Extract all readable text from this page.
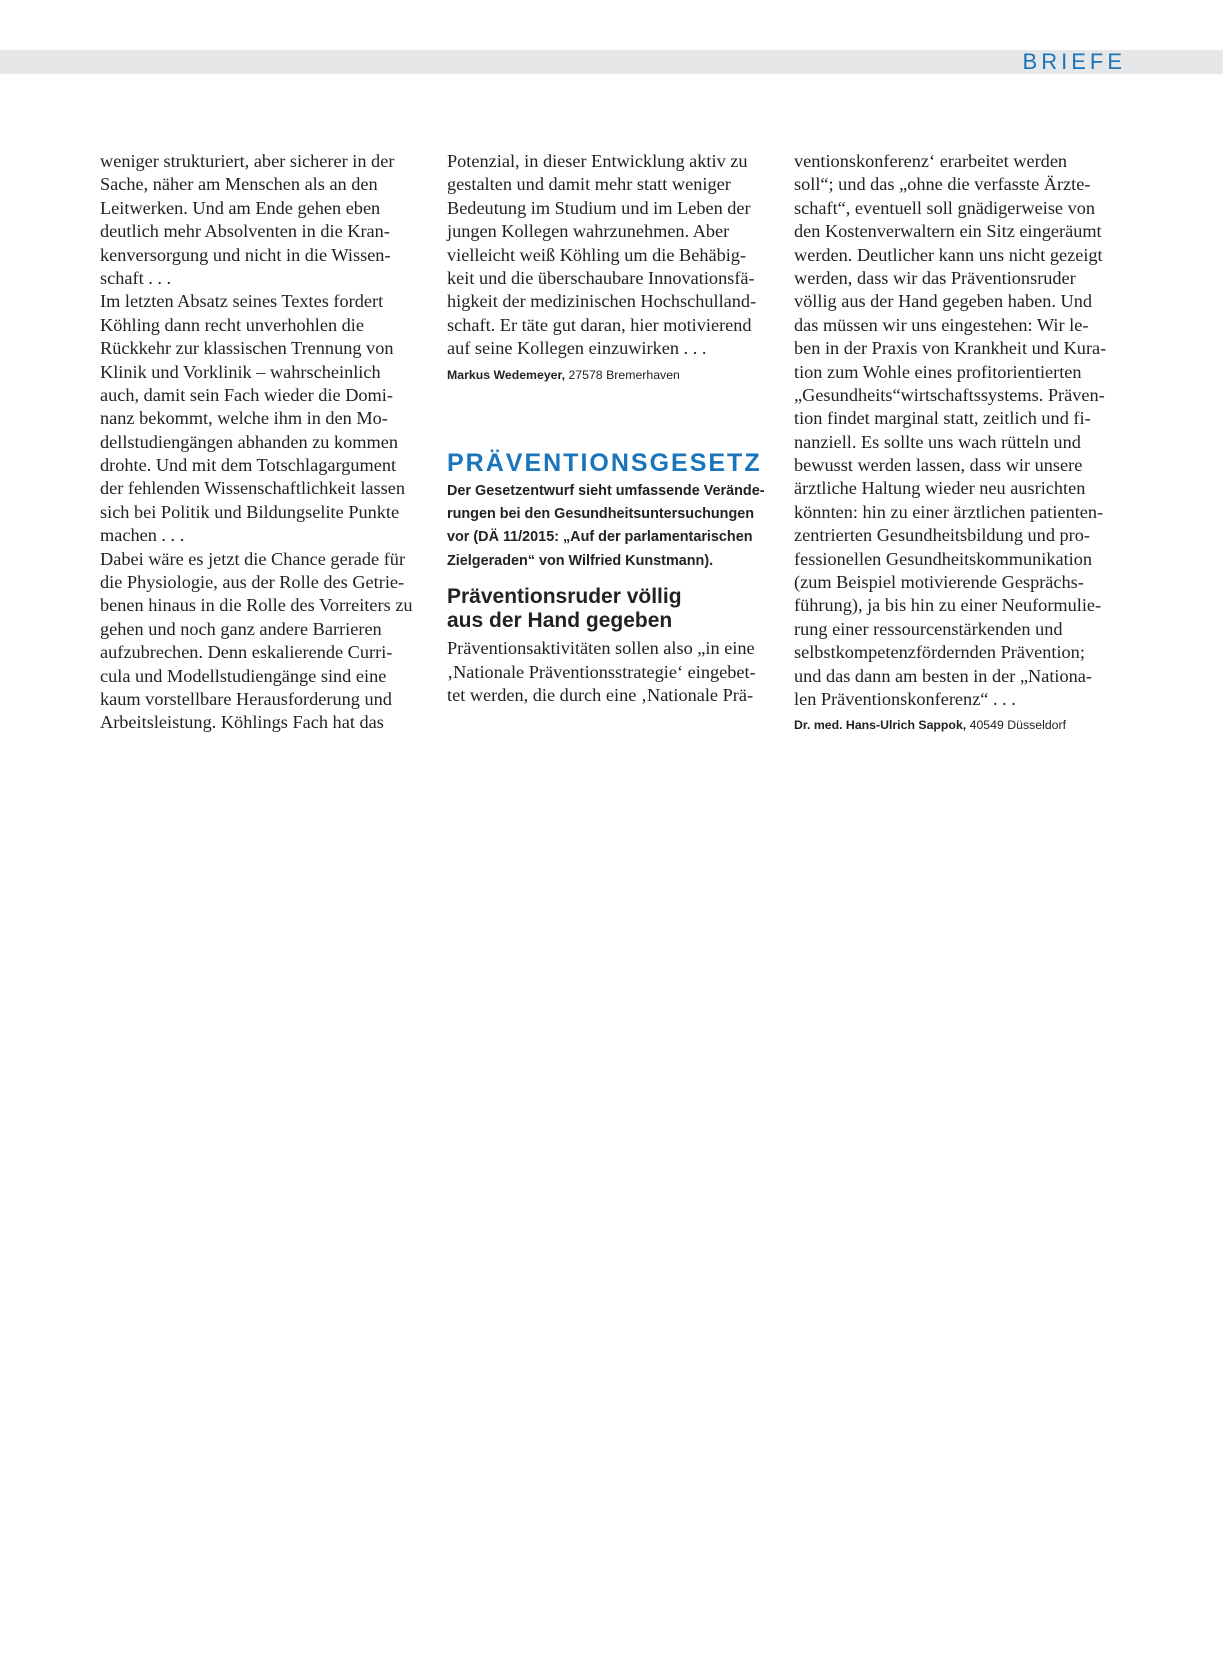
BRIEFE
weniger strukturiert, aber sicherer in der
Sache, näher am Menschen als an den
Leitwerken. Und am Ende gehen eben
deutlich mehr Absolventen in die Kran-
kenversorgung und nicht in die Wissen-
schaft . . .
Im letzten Absatz seines Textes fordert
Köhling dann recht unverhohlen die
Rückkehr zur klassischen Trennung von
Klinik und Vorklinik – wahrscheinlich
auch, damit sein Fach wieder die Domi-
nanz bekommt, welche ihm in den Mo-
dellstudiengängen abhanden zu kommen
drohte. Und mit dem Totschlagargument
der fehlenden Wissenschaftlichkeit lassen
sich bei Politik und Bildungselite Punkte
machen . . .
Dabei wäre es jetzt die Chance gerade für
die Physiologie, aus der Rolle des Getrie-
benen hinaus in die Rolle des Vorreiters zu
gehen und noch ganz andere Barrieren
aufzubrechen. Denn eskalierende Curri-
cula und Modellstudiengänge sind eine
kaum vorstellbare Herausforderung und
Arbeitsleistung. Köhlings Fach hat das
Potenzial, in dieser Entwicklung aktiv zu
gestalten und damit mehr statt weniger
Bedeutung im Studium und im Leben der
jungen Kollegen wahrzunehmen. Aber
vielleicht weiß Köhling um die Behäbig-
keit und die überschaubare Innovationsfä-
higkeit der medizinischen Hochschulland-
schaft. Er täte gut daran, hier motivierend
auf seine Kollegen einzuwirken . . .
Markus Wedemeyer, 27578 Bremerhaven
PRÄVENTIONSGESETZ
Der Gesetzentwurf sieht umfassende Verände-
rungen bei den Gesundheitsuntersuchungen
vor (DÄ 11/2015: „Auf der parlamentarischen
Zielgeraden“ von Wilfried Kunstmann).
Präventionsruder völlig
aus der Hand gegeben
Präventionsaktivitäten sollen also „in eine
‚Nationale Präventionsstrategie‘ eingebet-
tet werden, die durch eine ‚Nationale Prä-
ventionskonferenz‘ erarbeitet werden
soll“; und das „ohne die verfasste Ärzte-
schaft“, eventuell soll gnädigerweise von
den Kostenverwaltern ein Sitz eingeräumt
werden. Deutlicher kann uns nicht gezeigt
werden, dass wir das Präventionsruder
völlig aus der Hand gegeben haben. Und
das müssen wir uns eingestehen: Wir le-
ben in der Praxis von Krankheit und Kura-
tion zum Wohle eines profitorientierten
„Gesundheits“wirtschaftssystems. Präven-
tion findet marginal statt, zeitlich und fi-
nanziell. Es sollte uns wach rütteln und
bewusst werden lassen, dass wir unsere
ärztliche Haltung wieder neu ausrichten
könnten: hin zu einer ärztlichen patienten-
zentrierten Gesundheitsbildung und pro-
fessionellen Gesundheitskommunikation
(zum Beispiel motivierende Gesprächs-
führung), ja bis hin zu einer Neuformulie-
rung einer ressourcenstärkenden und
selbstkompetenzfördernden Prävention;
und das dann am besten in der „Nationa-
len Präventionskonferenz“ . . .
Dr. med. Hans-Ulrich Sappok, 40549 Düsseldorf
